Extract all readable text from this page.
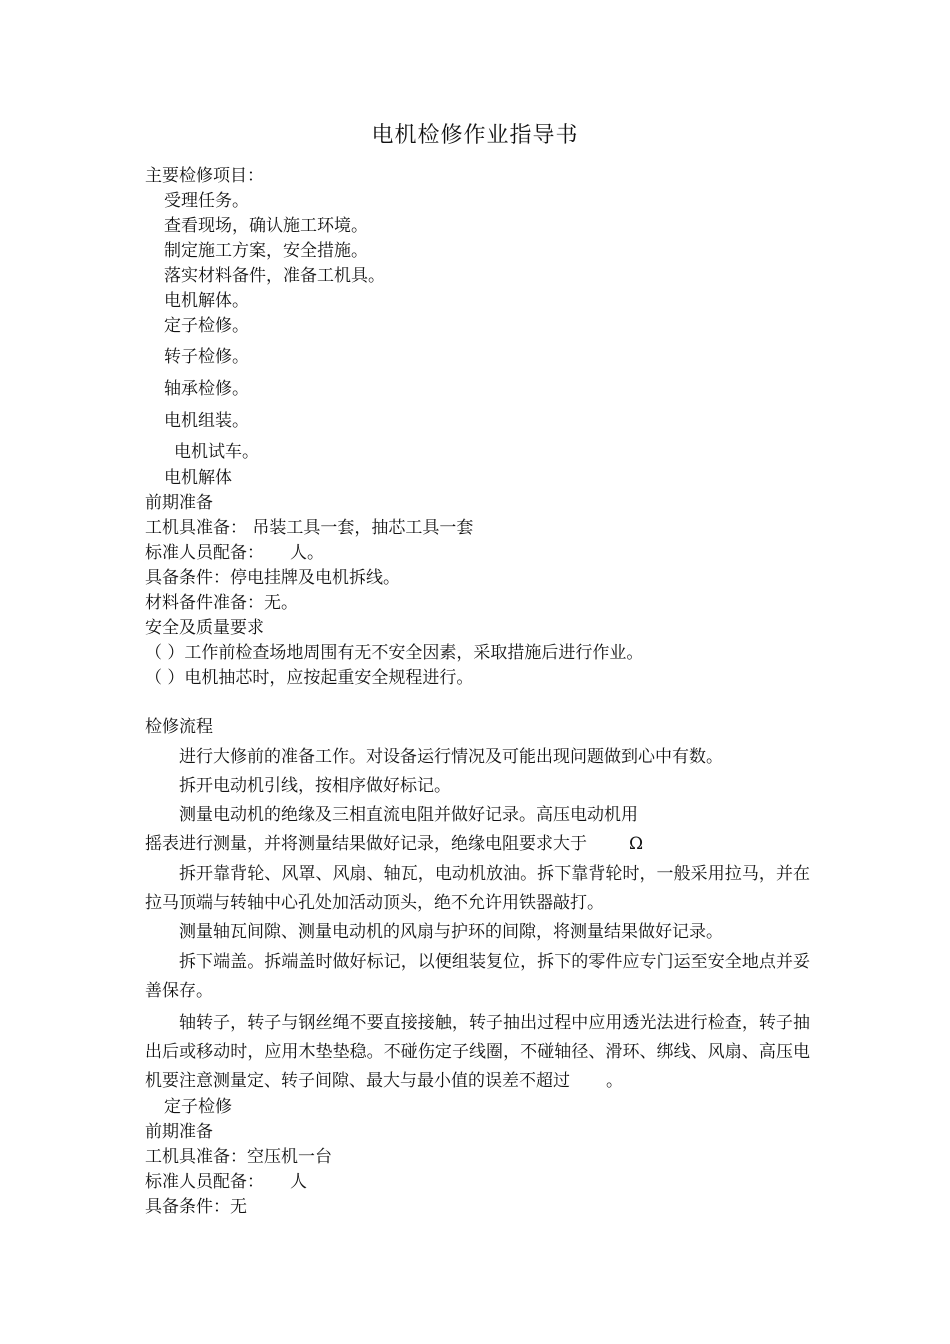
电机检修作业指导书
主要检修项目：
受理任务。
查看现场，确认施工环境。
制定施工方案，安全措施。
落实材料备件，准备工机具。
电机解体。
定子检修。
转子检修。
轴承检修。
电机组装。
电机试车。
电机解体
前期准备
工机具准备： 吊装工具一套，抽芯工具一套
标准人员配备： 人。
具备条件：停电挂牌及电机拆线。
材料备件准备：无。
安全及质量要求
（ ）工作前检查场地周围有无不安全因素，采取措施后进行作业。
（ ）电机抽芯时，应按起重安全规程进行。
检修流程
进行大修前的准备工作。对设备运行情况及可能出现问题做到心中有数。
拆开电动机引线，按相序做好标记。
测量电动机的绝缘及三相直流电阻并做好记录。高压电动机用
摇表进行测量，并将测量结果做好记录，绝缘电阻要求大于 Ω
拆开靠背轮、风罩、风扇、轴瓦，电动机放油。拆下靠背轮时，一般采用拉马，并在拉马顶端与转轴中心孔处加活动顶头，绝不允许用铁器敲打。
测量轴瓦间隙、测量电动机的风扇与护环的间隙，将测量结果做好记录。
拆下端盖。拆端盖时做好标记，以便组装复位，拆下的零件应专门运至安全地点并妥善保存。
轴转子，转子与钢丝绳不要直接接触，转子抽出过程中应用透光法进行检查，转子抽出后或移动时，应用木垫垫稳。不碰伤定子线圈，不碰轴径、滑环、绑线、风扇、高压电机要注意测量定、转子间隙、最大与最小值的误差不超过 。
定子检修
前期准备
工机具准备：空压机一台
标准人员配备： 人
具备条件：无
